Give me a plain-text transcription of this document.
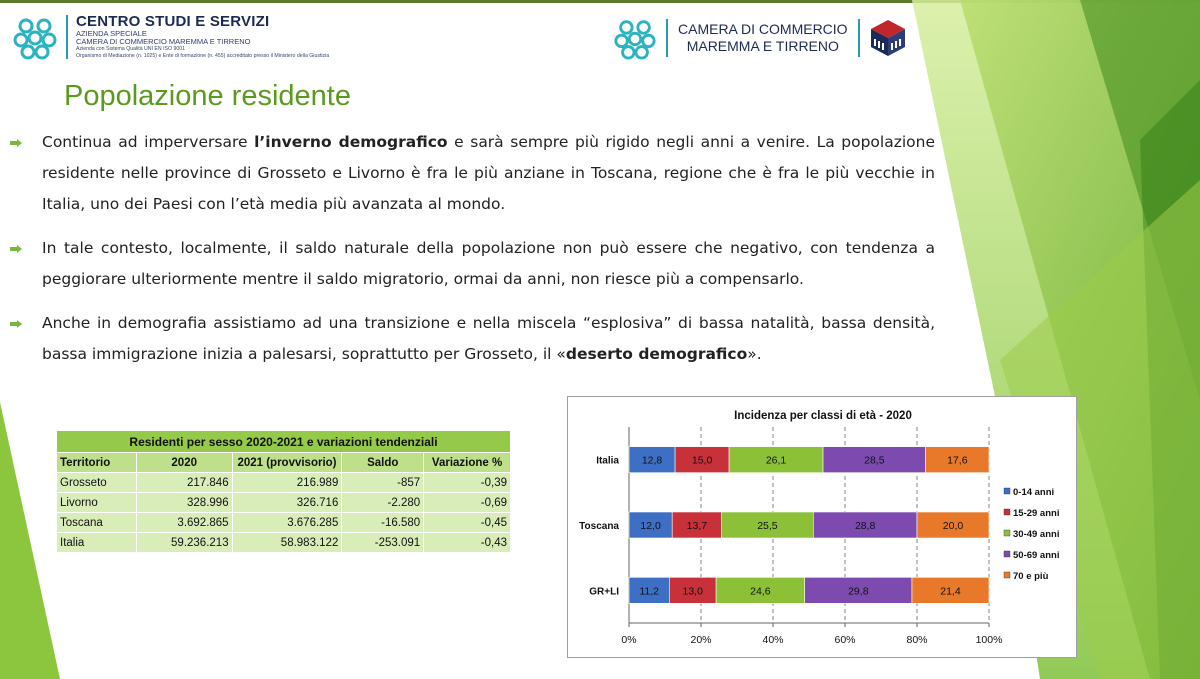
CENTRO STUDI E SERVIZI
AZIENDA SPECIALE
CAMERA DI COMMERCIO MAREMMA E TIRRENO
Azienda con Sistema Qualità UNI EN ISO 9001
Organismo di Mediazione (n. 1025) e Ente di formazione (n. 455) accreditato presso il Ministero della Giustizia
CAMERA DI COMMERCIO
MAREMMA E TIRRENO
Popolazione residente
Continua ad imperversare l’inverno demografico e sarà sempre più rigido negli anni a venire. La popolazione residente nelle province di Grosseto e Livorno è fra le più anziane in Toscana, regione che è fra le più vecchie in Italia, uno dei Paesi con l’età media più avanzata al mondo.
In tale contesto, localmente, il saldo naturale della popolazione non può essere che negativo, con tendenza a peggiorare ulteriormente mentre il saldo migratorio, ormai da anni, non riesce più a compensarlo.
Anche in demografia assistiamo ad una transizione e nella miscela “esplosiva” di bassa natalità, bassa densità, bassa immigrazione inizia a palesarsi, soprattutto per Grosseto, il «deserto demografico».
Residenti per sesso 2020-2021 e variazioni tendenziali				
Territorio	2020	2021 (provvisorio)	Saldo	Variazione %
Grosseto	217.846	216.989	-857	-0,39
Livorno	328.996	326.716	-2.280	-0,69
Toscana	3.692.865	3.676.285	-16.580	-0,45
Italia	59.236.213	58.983.122	-253.091	-0,43
Incidenza per classi di età - 2020
0%	20%	40%	60%	80%	100%
Italia 12,8	15,0	26,1	28,5	17,6
Toscana 12,0 13,7	25,5	28,8	20,0
GR+LI 11,2 13,0	24,6	29,8	21,4
0-14 anni
15-29 anni
30-49 anni
50-69 anni
70 e più
